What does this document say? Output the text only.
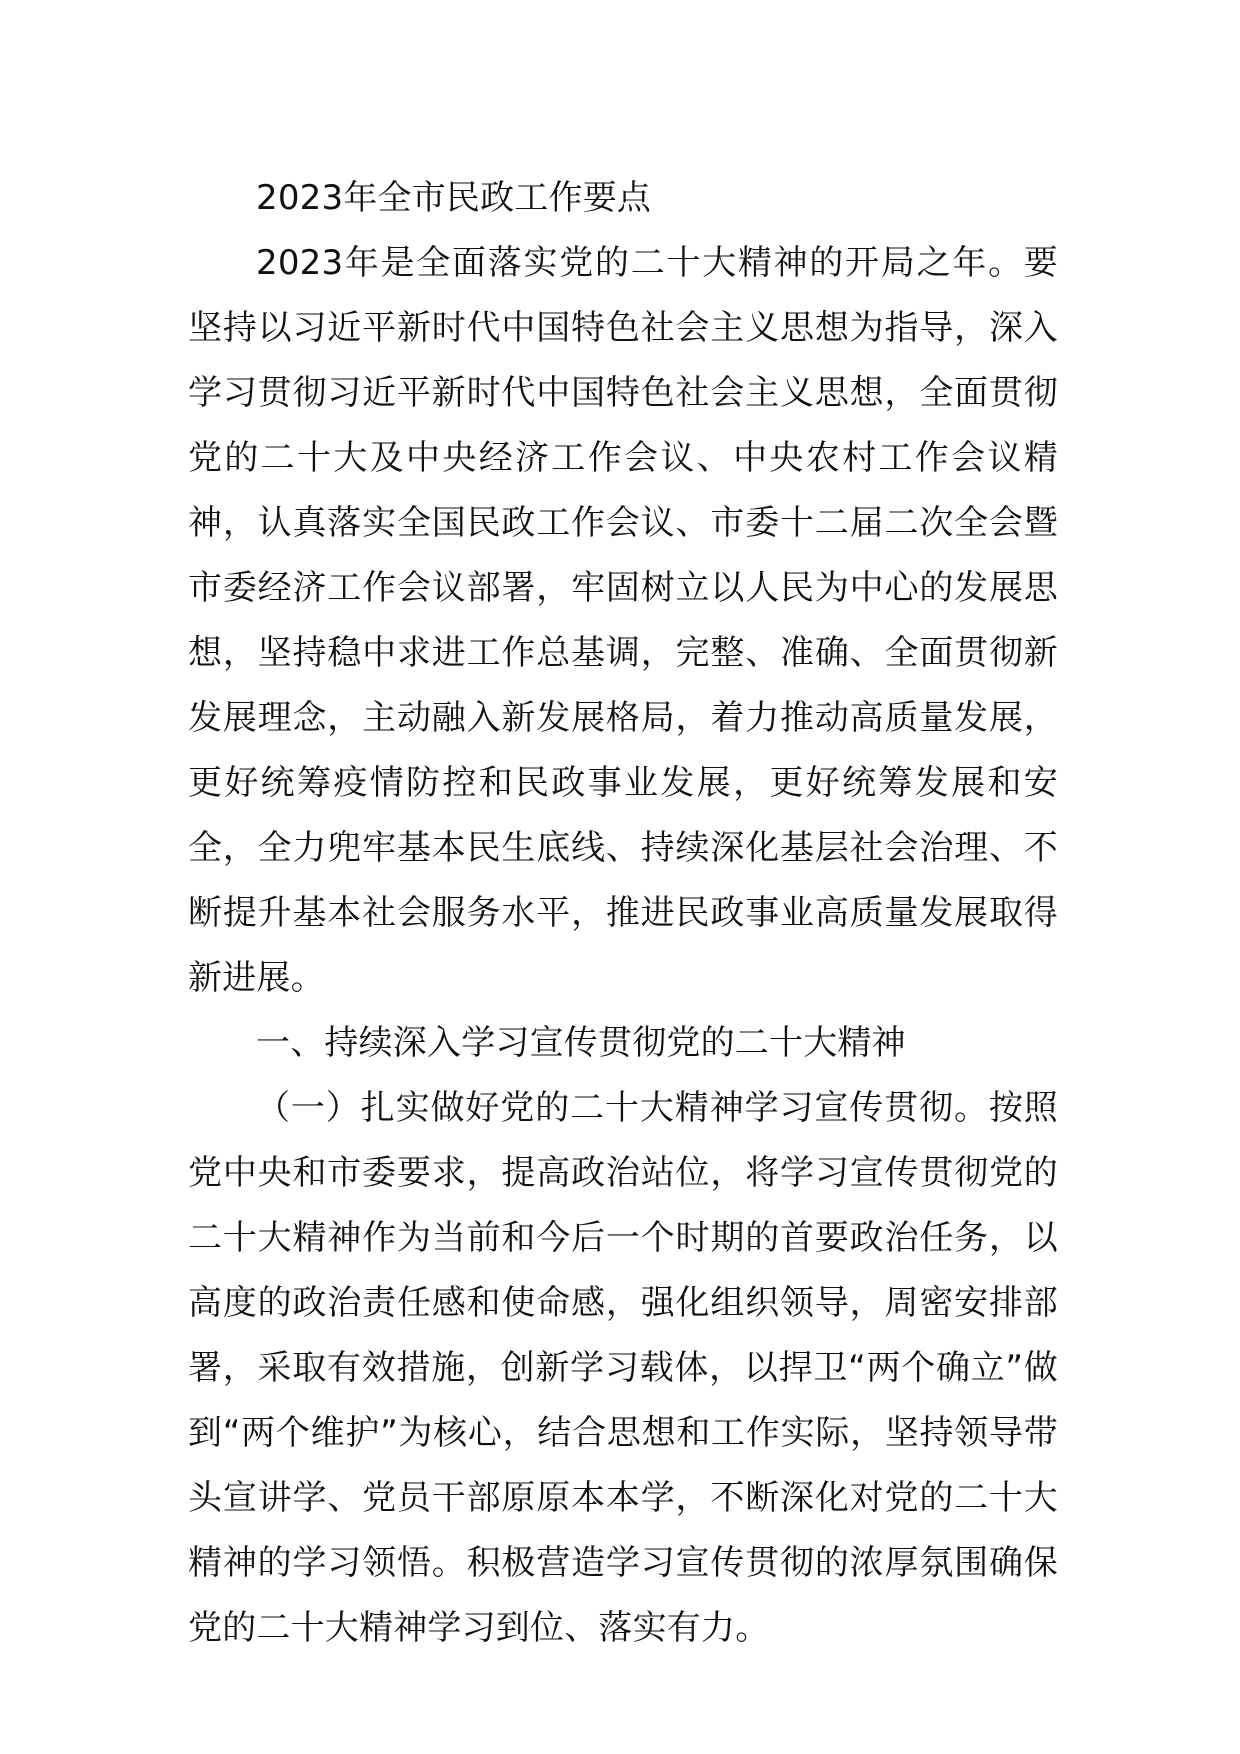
2023年全市民政工作要点

2023年是全面落实党的二十大精神的开局之年。要坚持以习近平新时代中国特色社会主义思想为指导，深入学习贯彻习近平新时代中国特色社会主义思想，全面贯彻党的二十大及中央经济工作会议、中央农村工作会议精神，认真落实全国民政工作会议、市委十二届二次全会暨市委经济工作会议部署，牢固树立以人民为中心的发展思想，坚持稳中求进工作总基调，完整、准确、全面贯彻新发展理念，主动融入新发展格局，着力推动高质量发展，更好统筹疫情防控和民政事业发展，更好统筹发展和安全，全力兜牢基本民生底线、持续深化基层社会治理、不断提升基本社会服务水平，推进民政事业高质量发展取得新进展。

一、持续深入学习宣传贯彻党的二十大精神

（一）扎实做好党的二十大精神学习宣传贯彻。按照党中央和市委要求，提高政治站位，将学习宣传贯彻党的二十大精神作为当前和今后一个时期的首要政治任务，以高度的政治责任感和使命感，强化组织领导，周密安排部署，采取有效措施，创新学习载体，以捍卫“两个确立”做到“两个维护”为核心，结合思想和工作实际，坚持领导带头宣讲学、党员干部原原本本学，不断深化对党的二十大精神的学习领悟。积极营造学习宣传贯彻的浓厚氛围确保党的二十大精神学习到位、落实有力。
